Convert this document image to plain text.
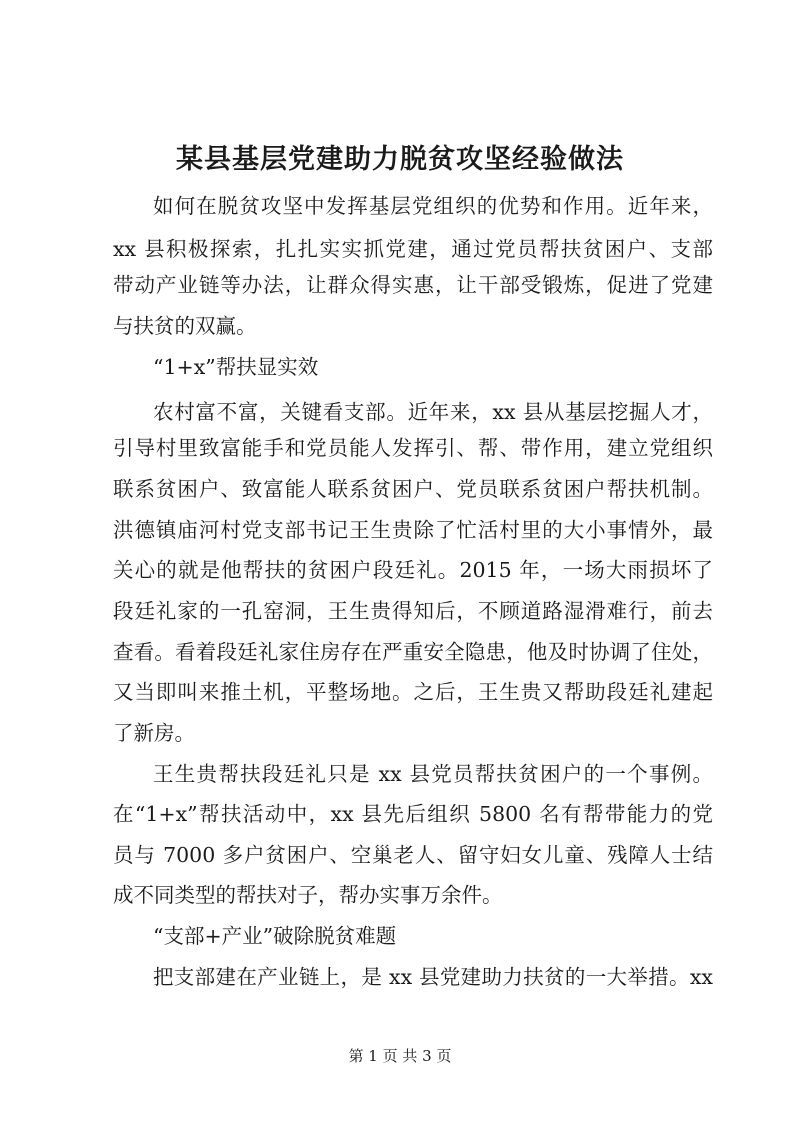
某县基层党建助力脱贫攻坚经验做法

如何在脱贫攻坚中发挥基层党组织的优势和作用。近年来，

xx 县积极探索，扎扎实实抓党建，通过党员帮扶贫困户、支部

带动产业链等办法，让群众得实惠，让干部受锻炼，促进了党建

与扶贫的双赢。

“1+x”帮扶显实效

农村富不富，关键看支部。近年来，xx 县从基层挖掘人才，

引导村里致富能手和党员能人发挥引、帮、带作用，建立党组织

联系贫困户、致富能人联系贫困户、党员联系贫困户帮扶机制。

洪德镇庙河村党支部书记王生贵除了忙活村里的大小事情外，最

关心的就是他帮扶的贫困户段廷礼。2015 年，一场大雨损坏了

段廷礼家的一孔窑洞，王生贵得知后，不顾道路湿滑难行，前去

查看。看着段廷礼家住房存在严重安全隐患，他及时协调了住处，

又当即叫来推土机，平整场地。之后，王生贵又帮助段廷礼建起

了新房。

王生贵帮扶段廷礼只是 xx 县党员帮扶贫困户的一个事例。

在“1+x”帮扶活动中，xx 县先后组织 5800 名有帮带能力的党

员与 7000 多户贫困户、空巢老人、留守妇女儿童、残障人士结

成不同类型的帮扶对子，帮办实事万余件。

“支部+产业”破除脱贫难题

把支部建在产业链上，是 xx 县党建助力扶贫的一大举措。xx

第 1 页 共 3 页
